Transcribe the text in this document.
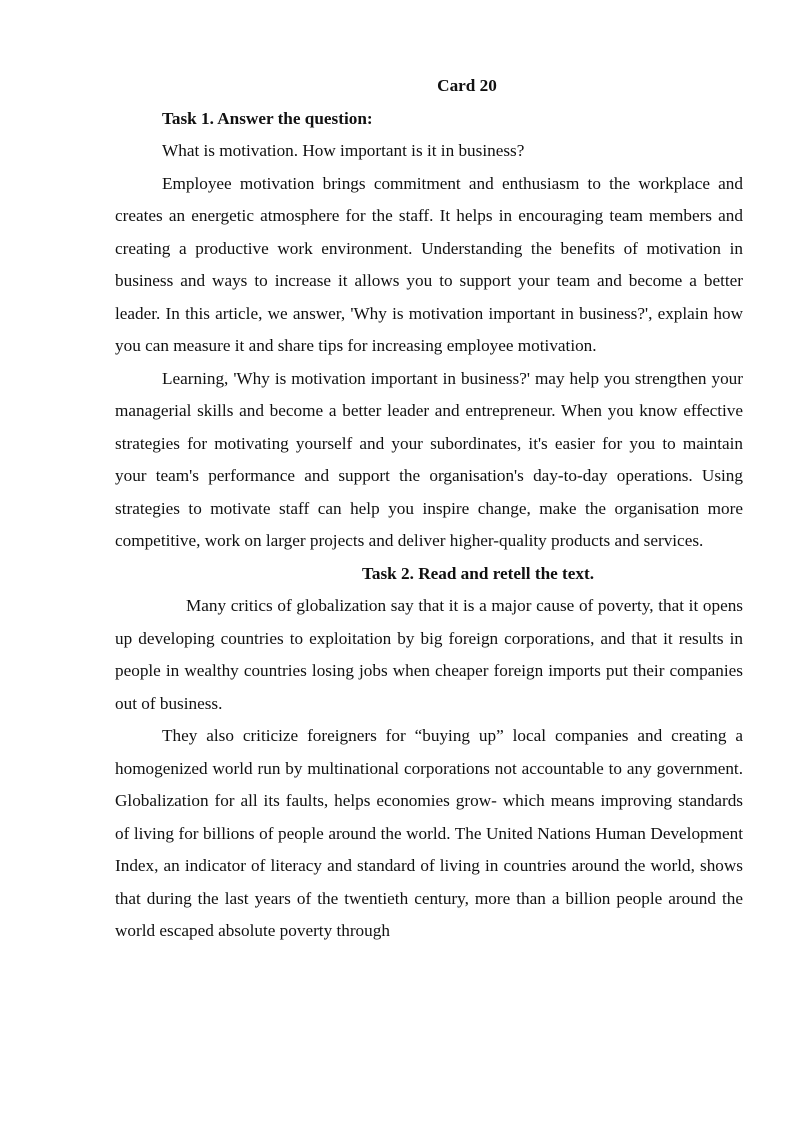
Card 20

Task 1. Answer the question:

What is motivation. How important is it in business?

Employee motivation brings commitment and enthusiasm to the workplace and creates an energetic atmosphere for the staff. It helps in encouraging team members and creating a productive work environment. Understanding the benefits of motivation in business and ways to increase it allows you to support your team and become a better leader. In this article, we answer, 'Why is motivation important in business?', explain how you can measure it and share tips for increasing employee motivation.

Learning, 'Why is motivation important in business?' may help you strengthen your managerial skills and become a better leader and entrepreneur. When you know effective strategies for motivating yourself and your subordinates, it's easier for you to maintain your team's performance and support the organisation's day-to-day operations. Using strategies to motivate staff can help you inspire change, make the organisation more competitive, work on larger projects and deliver higher-quality products and services.

Task 2. Read and retell the text.

Many critics of globalization say that it is a major cause of poverty, that it opens up developing countries to exploitation by big foreign corporations, and that it results in people in wealthy countries losing jobs when cheaper foreign imports put their companies out of business.

They also criticize foreigners for “buying up” local companies and creating a homogenized world run by multinational corporations not accountable to any government. Globalization for all its faults, helps economies grow- which means improving standards of living for billions of people around the world. The United Nations Human Development Index, an indicator of literacy and standard of living in countries around the world, shows that during the last years of the twentieth century, more than a billion people around the world escaped absolute poverty through
